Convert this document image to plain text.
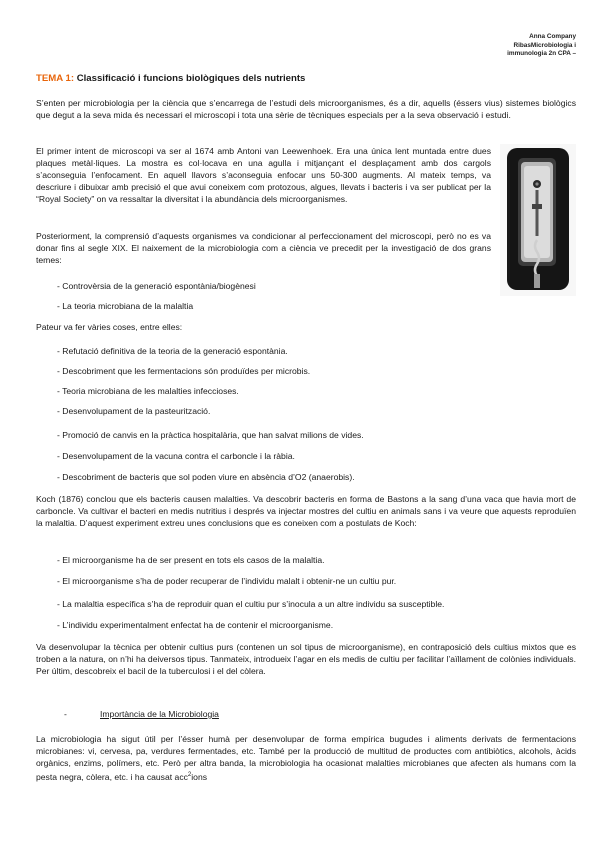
Anna Company
RibasMicrobiologia i
immunologia 2n CPA –
TEMA 1: Classificació i funcions biològiques dels nutrients
S’enten per microbiologia per la ciència que s’encarrega de l’estudi dels microorganismes, és a dir, aquells (éssers vius) sistemes biològics que degut a la seva mida és necessari el microscopi i tota una sèrie de tècniques especials per a la seva observació i estudi.
El primer intent de microscopi va ser al 1674 amb Antoni van Leewenhoek. Era una única lent muntada entre dues plaques metàl·liques. La mostra es col·locava en una agulla i mitjançant el desplaçament amb dos cargols s’aconseguia l’enfocament. En aquell llavors s’aconseguia enfocar uns 50-300 augments. Al mateix temps, va descriure i dibuixar amb precisió el que avui coneixem com protozous, algues, llevats i bacteris i va ser publicat per la “Royal Society” on va ressaltar la diversitat i la abundància dels microorganismes.
Posteriorment, la comprensió d’aquests organismes va condicionar al perfeccionament del microscopi, però no es va donar fins al segle XIX. El naixement de la microbiologia com a ciència ve precedit per la investigació de dos grans temes:
- Controvèrsia de la generació espontània/biogènesi
- La teoria microbiana de la malaltia
Pateur va fer vàries coses, entre elles:
- Refutació definitiva de la teoria de la generació espontània.
- Descobriment que les fermentacions són produïdes per microbis.
- Teoria microbiana de les malalties infeccioses.
- Desenvolupament de la pasteurització.
- Promoció de canvis en la pràctica hospitalària, que han salvat milions de vides.
- Desenvolupament de la vacuna contra el carboncle i la ràbia.
- Descobriment de bacteris que sol poden viure en absència d’O2 (anaerobis).
Koch (1876) conclou que els bacteris causen malalties. Va descobrir bacteris en forma de Bastons a la sang d’una vaca que havia mort de carboncle. Va cultivar el bacteri en medis nutritius i després va injectar mostres del cultiu en animals sans i va veure que aquests reproduïen la malaltia. D’aquest experiment extreu unes conclusions que es coneixen com a postulats de Koch:
- El microorganisme ha de ser present en tots els casos de la malaltia.
- El microorganisme s’ha de poder recuperar de l’individu malalt i obtenir-ne un cultiu pur.
- La malaltia específica s’ha de reproduir quan el cultiu pur s’inocula a un altre individu sa susceptible.
- L’individu experimentalment enfectat ha de contenir el microorganisme.
Va desenvolupar la tècnica per obtenir cultius purs (contenen un sol tipus de microorganisme), en contraposició dels cultius mixtos que es troben a la natura, on n’hi ha deiversos tipus. Tanmateix, introdueix l’agar en els medis de cultiu per facilitar l’aïllament de colònies individuals. Per últim, descobreix el bacil de la tuberculosi i el del còlera.
-	Importància de la Microbiologia
La microbiologia ha sigut útil per l’ésser humà per desenvolupar de forma empírica bugudes i aliments derivats de fermentacions microbianes: vi, cervesa, pa, verdures fermentades, etc. També per la producció de multitud de productes com antibiòtics, alcohols, àcids orgànics, enzims, polímers, etc. Però per altra banda, la microbiologia ha ocasionat malalties microbianes que afecten als humans com la pesta negra, còlera, etc. i ha causat acc$^2$ions
